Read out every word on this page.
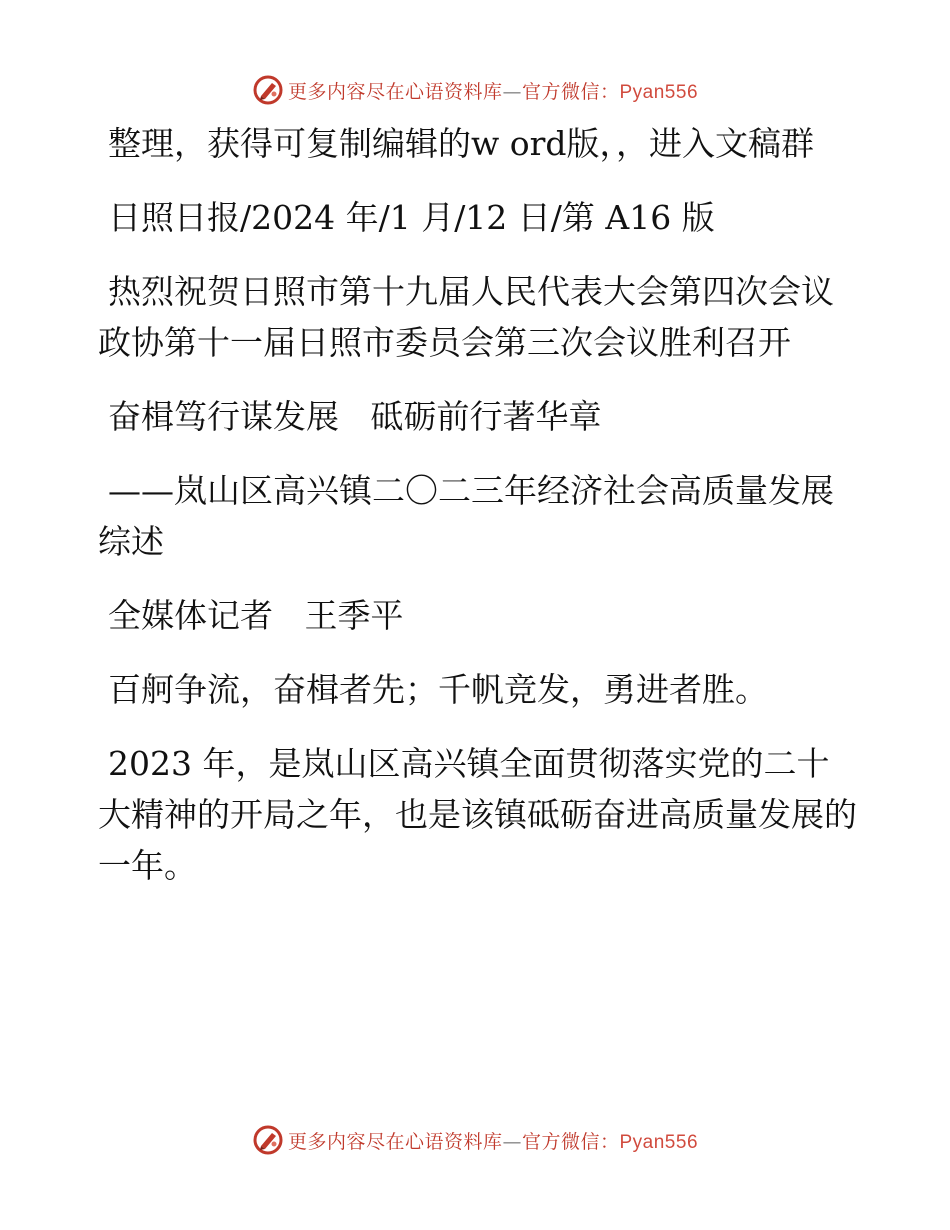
更多内容尽在心语资料库—官方微信：Pyan556

整理，获得可复制编辑的w ord版，，进入文稿群

日照日报/2024 年/1 月/12 日/第 A16 版

热烈祝贺日照市第十九届人民代表大会第四次会议 政协第十一届日照市委员会第三次会议胜利召开

奋楫笃行谋发展   砥砺前行著华章

——岚山区高兴镇二〇二三年经济社会高质量发展综述

全媒体记者   王季平

百舸争流，奋楫者先；千帆竞发，勇进者胜。

2023 年，是岚山区高兴镇全面贯彻落实党的二十大精神的开局之年，也是该镇砥砺奋进高质量发展的一年。

更多内容尽在心语资料库—官方微信：Pyan556
